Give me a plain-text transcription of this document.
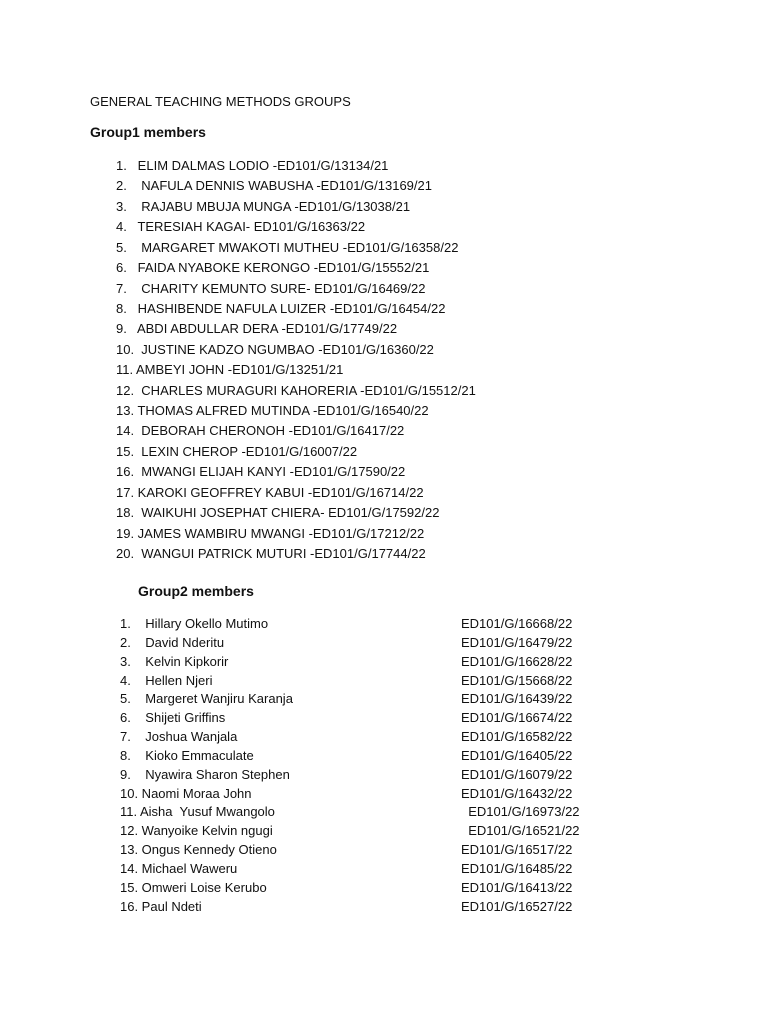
GENERAL TEACHING METHODS GROUPS
Group1 members
1.   ELIM DALMAS LODIO -ED101/G/13134/21
2.    NAFULA DENNIS WABUSHA -ED101/G/13169/21
3.    RAJABU MBUJA MUNGA -ED101/G/13038/21
4.   TERESIAH KAGAI- ED101/G/16363/22
5.    MARGARET MWAKOTI MUTHEU -ED101/G/16358/22
6.   FAIDA NYABOKE KERONGO -ED101/G/15552/21
7.    CHARITY KEMUNTO SURE- ED101/G/16469/22
8.   HASHIBENDE NAFULA LUIZER -ED101/G/16454/22
9.   ABDI ABDULLAR DERA -ED101/G/17749/22
10.  JUSTINE KADZO NGUMBAO -ED101/G/16360/22
11. AMBEYI JOHN -ED101/G/13251/21
12.  CHARLES MURAGURI KAHORERIA -ED101/G/15512/21
13. THOMAS ALFRED MUTINDA -ED101/G/16540/22
14.  DEBORAH CHERONOH -ED101/G/16417/22
15.  LEXIN CHEROP -ED101/G/16007/22
16.  MWANGI ELIJAH KANYI -ED101/G/17590/22
17. KAROKI GEOFFREY KABUI -ED101/G/16714/22
18.  WAIKUHI JOSEPHAT CHIERA- ED101/G/17592/22
19. JAMES WAMBIRU MWANGI -ED101/G/17212/22
20.  WANGUI PATRICK MUTURI -ED101/G/17744/22
Group2 members
1.    Hillary Okello Mutimo	ED101/G/16668/22
2.    David Nderitu	ED101/G/16479/22
3.    Kelvin Kipkorir	ED101/G/16628/22
4.    Hellen Njeri	ED101/G/15668/22
5.    Margeret Wanjiru Karanja	ED101/G/16439/22
6.    Shijeti Griffins	ED101/G/16674/22
7.    Joshua Wanjala	ED101/G/16582/22
8.    Kioko Emmaculate	ED101/G/16405/22
9.    Nyawira Sharon Stephen	ED101/G/16079/22
10. Naomi Moraa John	ED101/G/16432/22
11. Aisha  Yusuf Mwangolo	ED101/G/16973/22
12. Wanyoike Kelvin ngugi	ED101/G/16521/22
13. Ongus Kennedy Otieno	ED101/G/16517/22
14. Michael Waweru	ED101/G/16485/22
15. Omweri Loise Kerubo	ED101/G/16413/22
16. Paul Ndeti	ED101/G/16527/22
